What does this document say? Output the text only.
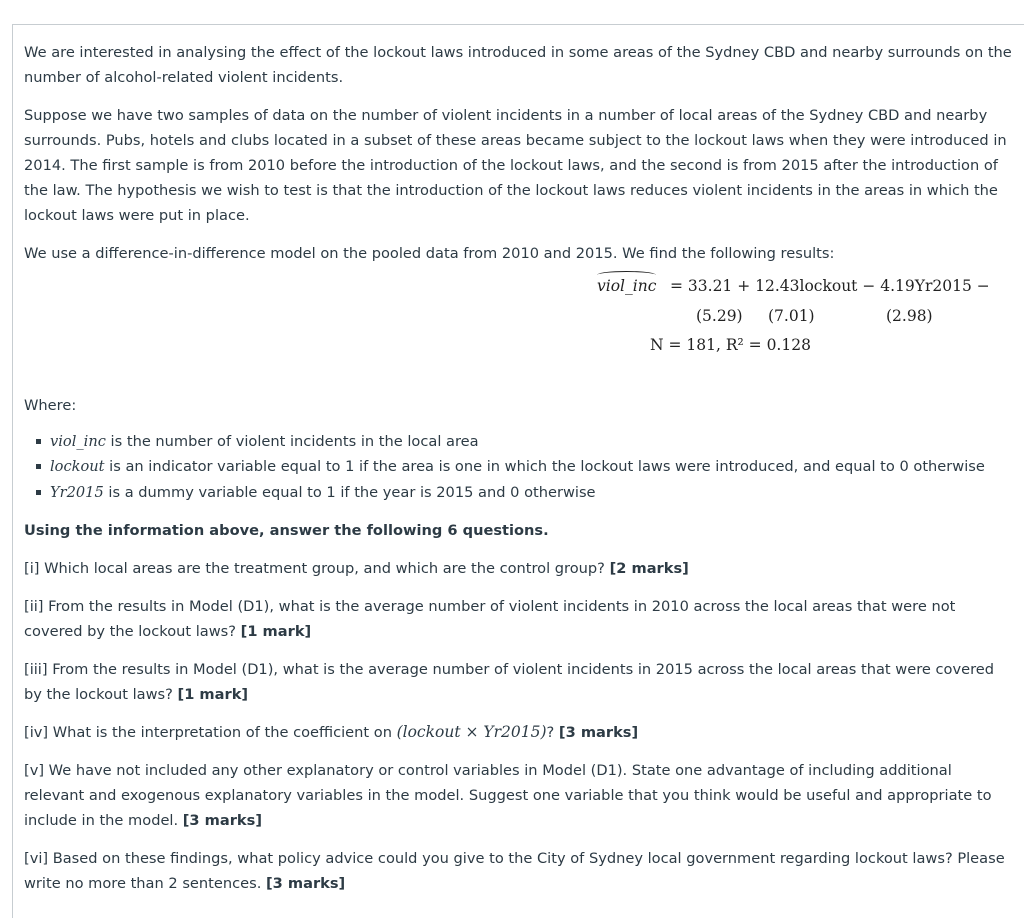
We are interested in analysing the effect of the lockout laws introduced in some areas of the Sydney CBD and nearby surrounds on the number of alcohol-related violent incidents.

Suppose we have two samples of data on the number of violent incidents in a number of local areas of the Sydney CBD and nearby surrounds. Pubs, hotels and clubs located in a subset of these areas became subject to the lockout laws when they were introduced in 2014. The first sample is from 2010 before the introduction of the lockout laws, and the second is from 2015 after the introduction of the law. The hypothesis we wish to test is that the introduction of the lockout laws reduces violent incidents in the areas in which the lockout laws were put in place.

We use a difference-in-difference model on the pooled data from 2010 and 2015. We find the following results:

viol_inc = 33.21 + 12.43lockout − 4.19Yr2015 −
(5.29) (7.01)	(2.98)
N = 181, R² = 0.128

Where:

viol_inc is the number of violent incidents in the local area
lockout is an indicator variable equal to 1 if the area is one in which the lockout laws were introduced, and equal to 0 otherwise
Yr2015 is a dummy variable equal to 1 if the year is 2015 and 0 otherwise

Using the information above, answer the following 6 questions.

[i] Which local areas are the treatment group, and which are the control group? [2 marks]

[ii] From the results in Model (D1), what is the average number of violent incidents in 2010 across the local areas that were not covered by the lockout laws? [1 mark]

[iii] From the results in Model (D1), what is the average number of violent incidents in 2015 across the local areas that were covered by the lockout laws? [1 mark]

[iv] What is the interpretation of the coefficient on (lockout × Yr2015)? [3 marks]

[v] We have not included any other explanatory or control variables in Model (D1). State one advantage of including additional relevant and exogenous explanatory variables in the model. Suggest one variable that you think would be useful and appropriate to include in the model. [3 marks]

[vi] Based on these findings, what policy advice could you give to the City of Sydney local government regarding lockout laws? Please write no more than 2 sentences. [3 marks]
